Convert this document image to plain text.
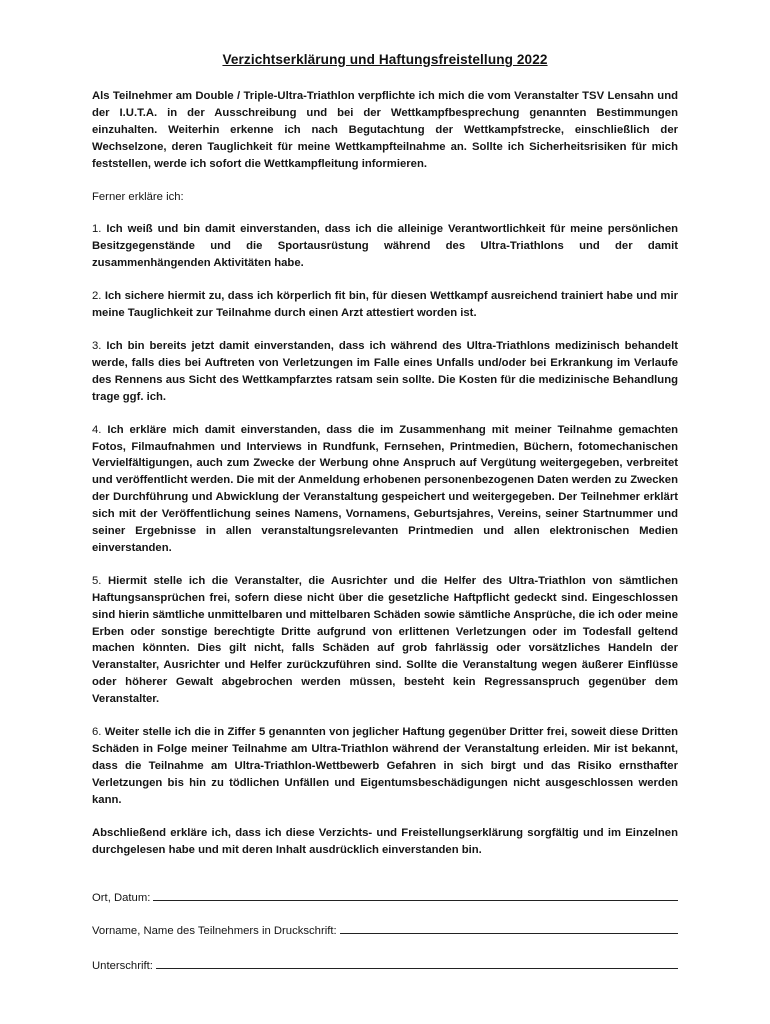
Verzichtserklärung und Haftungsfreistellung 2022

Als Teilnehmer am Double / Triple-Ultra-Triathlon verpflichte ich mich die vom Veranstalter TSV Lensahn und der I.U.T.A. in der Ausschreibung und bei der Wettkampfbesprechung genannten Bestimmungen einzuhalten. Weiterhin erkenne ich nach Begutachtung der Wettkampfstrecke, einschließlich der Wechselzone, deren Tauglichkeit für meine Wettkampfteilnahme an. Sollte ich Sicherheitsrisiken für mich feststellen, werde ich sofort die Wettkampfleitung informieren.

Ferner erkläre ich:

1. Ich weiß und bin damit einverstanden, dass ich die alleinige Verantwortlichkeit für meine persönlichen Besitzgegenstände und die Sportausrüstung während des Ultra-Triathlons und der damit zusammenhängenden Aktivitäten habe.

2. Ich sichere hiermit zu, dass ich körperlich fit bin, für diesen Wettkampf ausreichend trainiert habe und mir meine Tauglichkeit zur Teilnahme durch einen Arzt attestiert worden ist.

3. Ich bin bereits jetzt damit einverstanden, dass ich während des Ultra-Triathlons medizinisch behandelt werde, falls dies bei Auftreten von Verletzungen im Falle eines Unfalls und/oder bei Erkrankung im Verlaufe des Rennens aus Sicht des Wettkampfarztes ratsam sein sollte. Die Kosten für die medizinische Behandlung trage ggf. ich.

4. Ich erkläre mich damit einverstanden, dass die im Zusammenhang mit meiner Teilnahme gemachten Fotos, Filmaufnahmen und Interviews in Rundfunk, Fernsehen, Printmedien, Büchern, fotomechanischen Vervielfältigungen, auch zum Zwecke der Werbung ohne Anspruch auf Vergütung weitergegeben, verbreitet und veröffentlicht werden. Die mit der Anmeldung erhobenen personenbezogenen Daten werden zu Zwecken der Durchführung und Abwicklung der Veranstaltung gespeichert und weitergegeben. Der Teilnehmer erklärt sich mit der Veröffentlichung seines Namens, Vornamens, Geburtsjahres, Vereins, seiner Startnummer und seiner Ergebnisse in allen veranstaltungsrelevanten Printmedien und allen elektronischen Medien einverstanden.

5. Hiermit stelle ich die Veranstalter, die Ausrichter und die Helfer des Ultra-Triathlon von sämtlichen Haftungsansprüchen frei, sofern diese nicht über die gesetzliche Haftpflicht gedeckt sind. Eingeschlossen sind hierin sämtliche unmittelbaren und mittelbaren Schäden sowie sämtliche Ansprüche, die ich oder meine Erben oder sonstige berechtigte Dritte aufgrund von erlittenen Verletzungen oder im Todesfall geltend machen könnten. Dies gilt nicht, falls Schäden auf grob fahrlässig oder vorsätzliches Handeln der Veranstalter, Ausrichter und Helfer zurückzuführen sind. Sollte die Veranstaltung wegen äußerer Einflüsse oder höherer Gewalt abgebrochen werden müssen, besteht kein Regressanspruch gegenüber dem Veranstalter.

6. Weiter stelle ich die in Ziffer 5 genannten von jeglicher Haftung gegenüber Dritter frei, soweit diese Dritten Schäden in Folge meiner Teilnahme am Ultra-Triathlon während der Veranstaltung erleiden. Mir ist bekannt, dass die Teilnahme am Ultra-Triathlon-Wettbewerb Gefahren in sich birgt und das Risiko ernsthafter Verletzungen bis hin zu tödlichen Unfällen und Eigentumsbeschädigungen nicht ausgeschlossen werden kann.

Abschließend erkläre ich, dass ich diese Verzichts- und Freistellungserklärung sorgfältig und im Einzelnen durchgelesen habe und mit deren Inhalt ausdrücklich einverstanden bin.

Ort, Datum:
Vorname, Name des Teilnehmers in Druckschrift:
Unterschrift:
